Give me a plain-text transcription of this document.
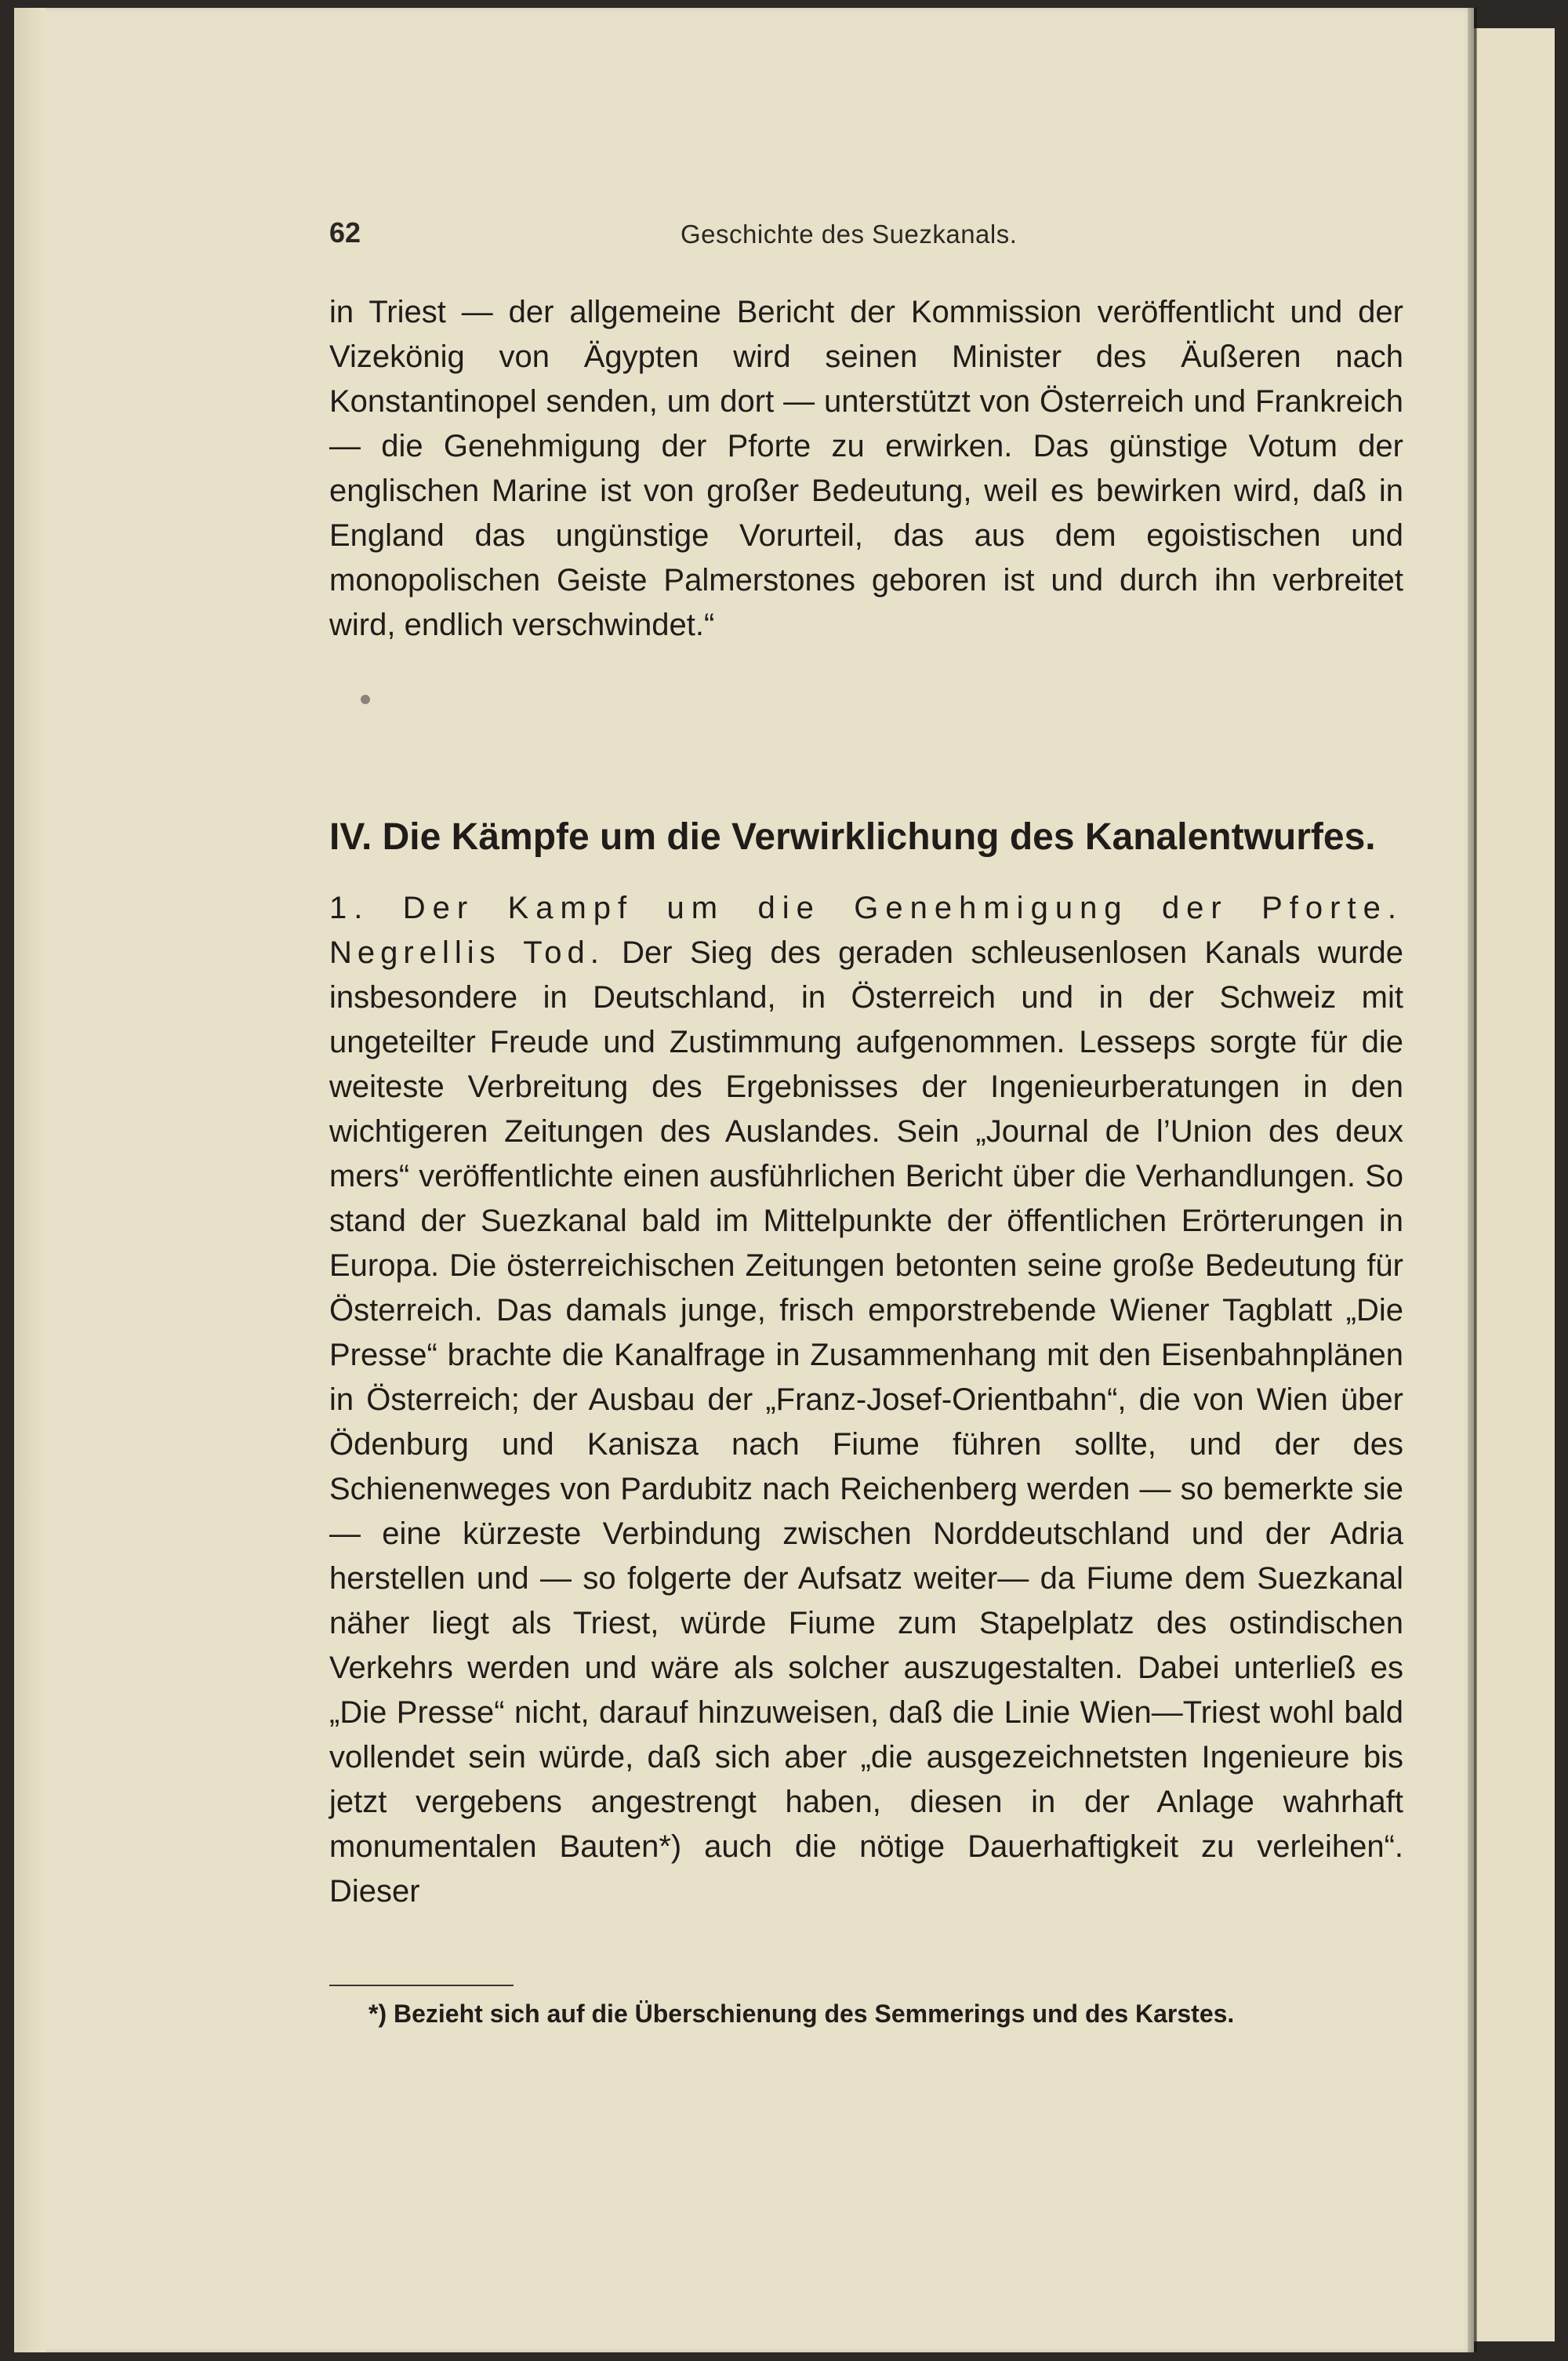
62	Geschichte des Suezkanals.

in Triest — der allgemeine Bericht der Kommission veröffentlicht und der Vizekönig von Ägypten wird seinen Minister des Äußeren nach Konstantinopel senden, um dort — unterstützt von Österreich und Frankreich — die Genehmigung der Pforte zu erwirken. Das günstige Votum der englischen Marine ist von großer Bedeutung, weil es bewirken wird, daß in England das ungünstige Vorurteil, das aus dem egoistischen und monopolischen Geiste Palmerstones geboren ist und durch ihn verbreitet wird, endlich verschwindet.“

IV. Die Kämpfe um die Verwirklichung des Kanalentwurfes.
1. Der Kampf um die Genehmigung der Pforte.

Negrellis Tod. Der Sieg des geraden schleusenlosen Kanals wurde insbesondere in Deutschland, in Österreich und in der Schweiz mit ungeteilter Freude und Zustimmung aufgenommen. Lesseps sorgte für die weiteste Verbreitung des Ergebnisses der Ingenieurberatungen in den wichtigeren Zeitungen des Auslandes. Sein „Journal de l’Union des deux mers“ veröffentlichte einen ausführlichen Bericht über die Verhandlungen. So stand der Suezkanal bald im Mittelpunkte der öffentlichen Erörterungen in Europa. Die österreichischen Zeitungen betonten seine große Bedeutung für Österreich. Das damals junge, frisch emporstrebende Wiener Tagblatt „Die Presse“ brachte die Kanalfrage in Zusammenhang mit den Eisenbahnplänen in Österreich; der Ausbau der „Franz-Josef-Orientbahn“, die von Wien über Ödenburg und Kanisza nach Fiume führen sollte, und der des Schienenweges von Pardubitz nach Reichenberg werden — so bemerkte sie — eine kürzeste Verbindung zwischen Norddeutschland und der Adria herstellen und — so folgerte der Aufsatz weiter— da Fiume dem Suezkanal näher liegt als Triest, würde Fiume zum Stapelplatz des ostindischen Verkehrs werden und wäre als solcher auszugestalten. Dabei unterließ es „Die Presse“ nicht, darauf hinzuweisen, daß die Linie Wien—Triest wohl bald vollendet sein würde, daß sich aber „die ausgezeichnetsten Ingenieure bis jetzt vergebens angestrengt haben, diesen in der Anlage wahrhaft monumentalen Bauten*) auch die nötige Dauerhaftigkeit zu verleihen“. Dieser

*) Bezieht sich auf die Überschienung des Semmerings und des Karstes.
